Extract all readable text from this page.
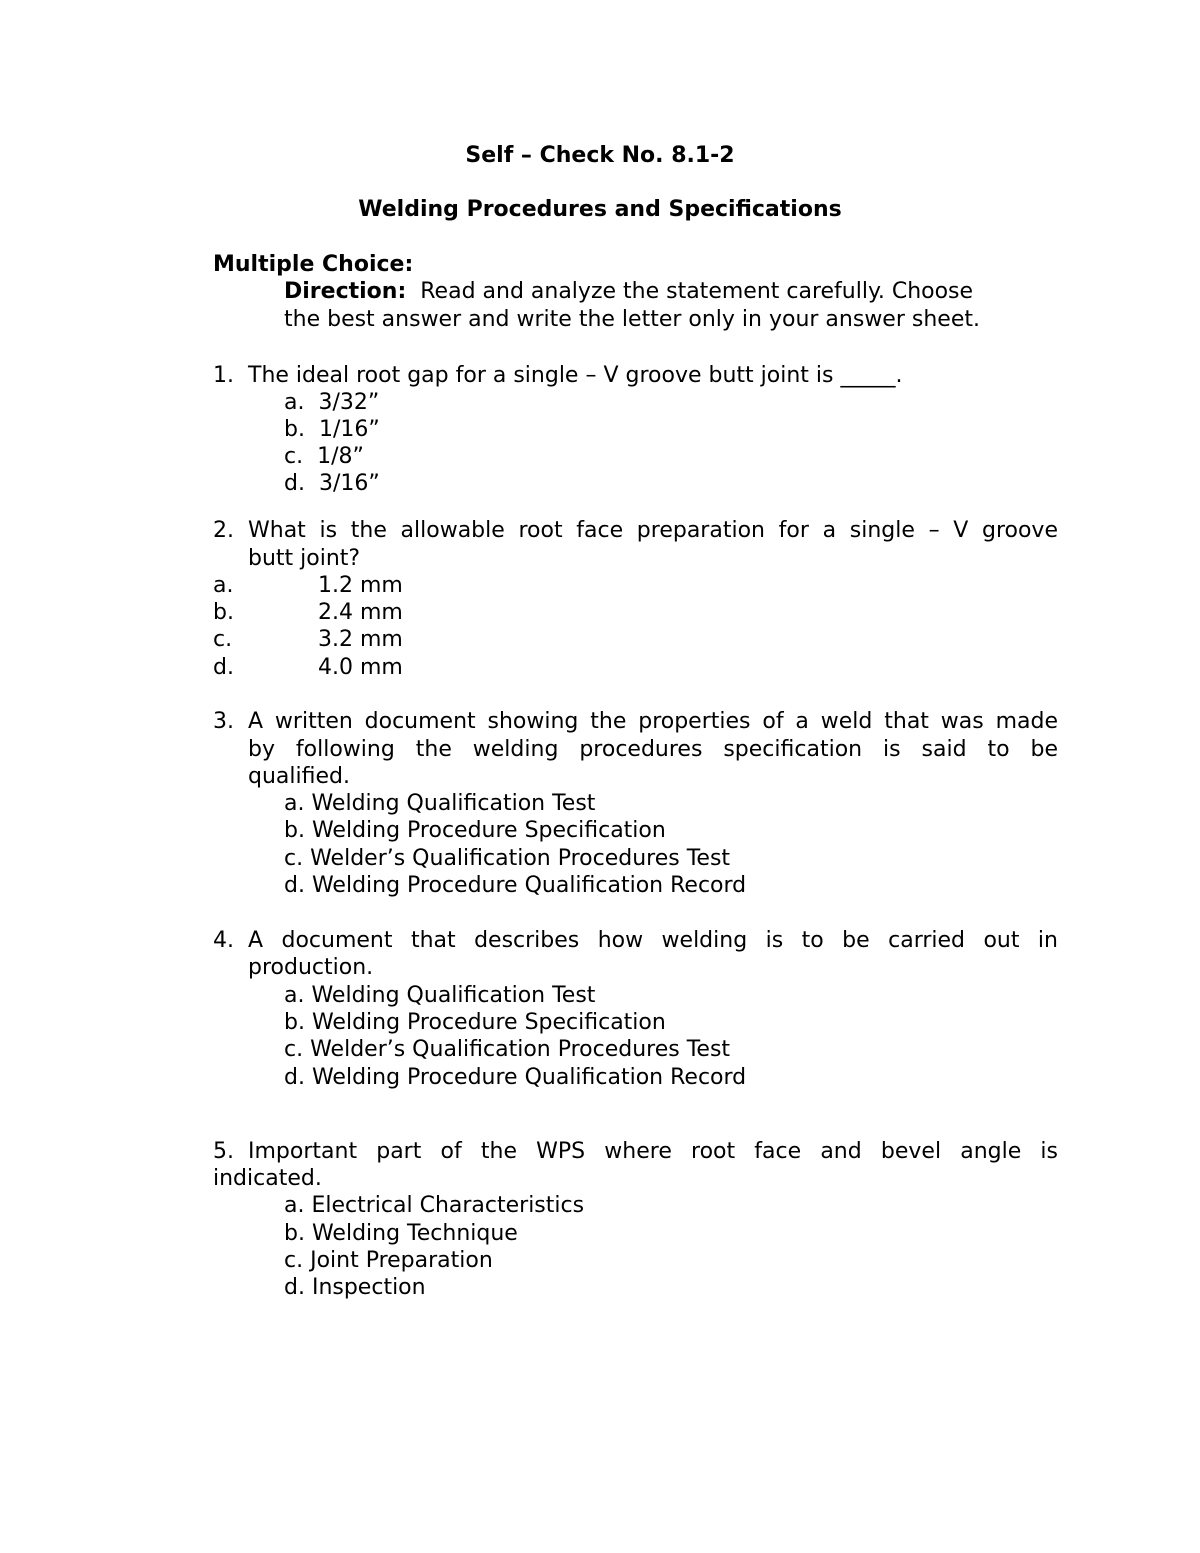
Self – Check No. 8.1-2
Welding Procedures and Specifications
Multiple Choice:
Direction: Read and analyze the statement carefully. Choose
the best answer and write the letter only in your answer sheet.
1. The ideal root gap for a single – V groove butt joint is _____.
a.  3/32”
b.  1/16”
c.  1/8”
d.  3/16”
2. What is the allowable root face preparation for a single – V groove
butt joint?
a.	1.2 mm
b.	2.4 mm
c.	3.2 mm
d.	4.0 mm
3. A written document showing the properties of a weld that was made
by following the welding procedures specification is said to be
qualified.
a. Welding Qualification Test
b. Welding Procedure Specification
c. Welder’s Qualification Procedures Test
d. Welding Procedure Qualification Record
4. A document that describes how welding is to be carried out in
production.
a. Welding Qualification Test
b. Welding Procedure Specification
c. Welder’s Qualification Procedures Test
d. Welding Procedure Qualification Record
5. Important part of the WPS where root face and bevel angle is
indicated.
a. Electrical Characteristics
b. Welding Technique
c. Joint Preparation
d. Inspection
